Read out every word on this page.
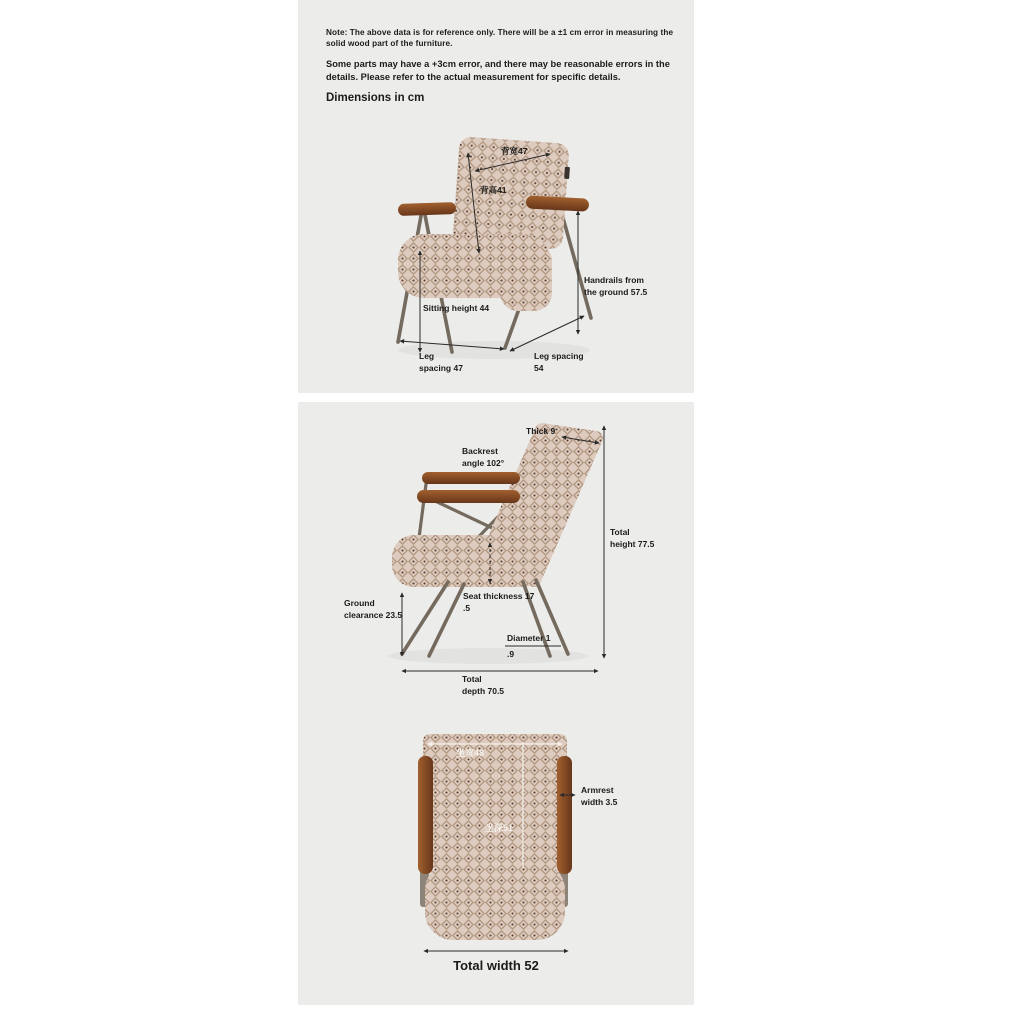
Note: The above data is for reference only. There will be a ±1 cm error in measuring the solid wood part of the furniture.

Some parts may have a +3cm error, and there may be reasonable errors in the details. Please refer to the actual measurement for specific details.

Dimensions in cm
背宽47
背高41
Sitting height 44
Leg
spacing 47
Leg spacing
54
Handrails from
the ground 57.5
Thick 9
Backrest
angle 102°
Total
height 77.5
Ground
clearance 23.5
Seat thickness 17
.5
Diameter 1
.9
Total
depth 70.5
坐宽48
坐深51
Armrest
width 3.5
Total width 52
